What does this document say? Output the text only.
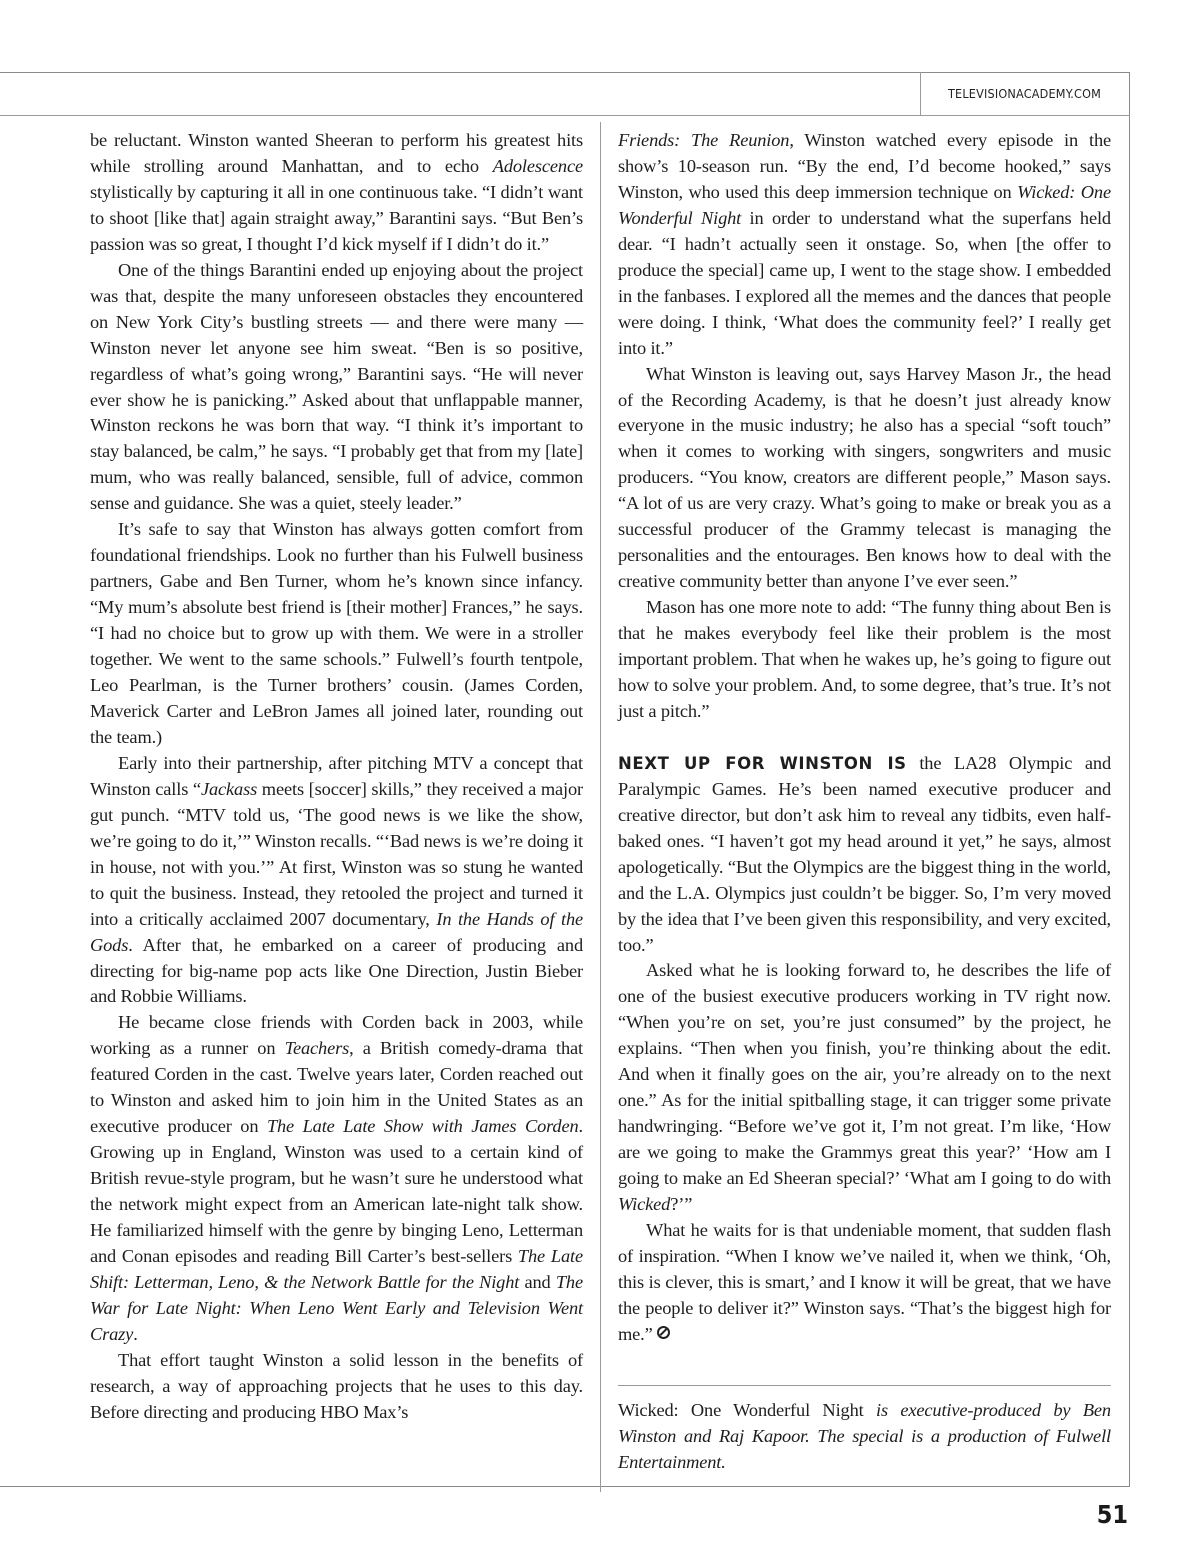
TELEVISIONACADEMY.COM

be reluctant. Winston wanted Sheeran to perform his greatest hits while strolling around Manhattan, and to echo Adolescence stylistically by capturing it all in one continuous take. “I didn’t want to shoot [like that] again straight away,” Barantini says. “But Ben’s passion was so great, I thought I’d kick myself if I didn’t do it.”

One of the things Barantini ended up enjoying about the project was that, despite the many unforeseen obstacles they encountered on New York City’s bustling streets — and there were many — Winston never let anyone see him sweat. “Ben is so positive, regardless of what’s going wrong,” Barantini says. “He will never ever show he is panicking.” Asked about that unflappable manner, Winston reckons he was born that way. “I think it’s important to stay balanced, be calm,” he says. “I probably get that from my [late] mum, who was really balanced, sensible, full of advice, common sense and guidance. She was a quiet, steely leader.”

It’s safe to say that Winston has always gotten comfort from foundational friendships. Look no further than his Fulwell business partners, Gabe and Ben Turner, whom he’s known since infancy. “My mum’s absolute best friend is [their mother] Frances,” he says. “I had no choice but to grow up with them. We were in a stroller together. We went to the same schools.” Fulwell’s fourth tentpole, Leo Pearlman, is the Turner brothers’ cousin. (James Corden, Maverick Carter and LeBron James all joined later, rounding out the team.)

Early into their partnership, after pitching MTV a concept that Winston calls “Jackass meets [soccer] skills,” they received a major gut punch. “MTV told us, ‘The good news is we like the show, we’re going to do it,’” Winston recalls. “‘Bad news is we’re doing it in house, not with you.’” At first, Winston was so stung he wanted to quit the business. Instead, they retooled the project and turned it into a critically acclaimed 2007 documentary, In the Hands of the Gods. After that, he embarked on a career of producing and directing for big-name pop acts like One Direction, Justin Bieber and Robbie Williams.

He became close friends with Corden back in 2003, while working as a runner on Teachers, a British comedy-drama that featured Corden in the cast. Twelve years later, Corden reached out to Winston and asked him to join him in the United States as an executive producer on The Late Late Show with James Corden. Growing up in England, Winston was used to a certain kind of British revue-style program, but he wasn’t sure he understood what the network might expect from an American late-night talk show. He familiarized himself with the genre by binging Leno, Letterman and Conan episodes and reading Bill Carter’s best-sellers The Late Shift: Letterman, Leno, & the Network Battle for the Night and The War for Late Night: When Leno Went Early and Television Went Crazy.

That effort taught Winston a solid lesson in the benefits of research, a way of approaching projects that he uses to this day. Before directing and producing HBO Max’s

Friends: The Reunion, Winston watched every episode in the show’s 10-season run. “By the end, I’d become hooked,” says Winston, who used this deep immersion technique on Wicked: One Wonderful Night in order to understand what the superfans held dear. “I hadn’t actually seen it onstage. So, when [the offer to produce the special] came up, I went to the stage show. I embedded in the fanbases. I explored all the memes and the dances that people were doing. I think, ‘What does the community feel?’ I really get into it.”

What Winston is leaving out, says Harvey Mason Jr., the head of the Recording Academy, is that he doesn’t just already know everyone in the music industry; he also has a special “soft touch” when it comes to working with singers, songwriters and music producers. “You know, creators are different people,” Mason says. “A lot of us are very crazy. What’s going to make or break you as a successful producer of the Grammy telecast is managing the personalities and the entourages. Ben knows how to deal with the creative community better than anyone I’ve ever seen.”

Mason has one more note to add: “The funny thing about Ben is that he makes everybody feel like their problem is the most important problem. That when he wakes up, he’s going to figure out how to solve your problem. And, to some degree, that’s true. It’s not just a pitch.”

NEXT UP FOR WINSTON IS the LA28 Olympic and Paralympic Games. He’s been named executive producer and creative director, but don’t ask him to reveal any tidbits, even half-baked ones. “I haven’t got my head around it yet,” he says, almost apologetically. “But the Olympics are the biggest thing in the world, and the L.A. Olympics just couldn’t be bigger. So, I’m very moved by the idea that I’ve been given this responsibility, and very excited, too.”

Asked what he is looking forward to, he describes the life of one of the busiest executive producers working in TV right now. “When you’re on set, you’re just consumed” by the project, he explains. “Then when you finish, you’re thinking about the edit. And when it finally goes on the air, you’re already on to the next one.” As for the initial spitballing stage, it can trigger some private handwringing. “Before we’ve got it, I’m not great. I’m like, ‘How are we going to make the Grammys great this year?’ ‘How am I going to make an Ed Sheeran special?’ ‘What am I going to do with Wicked?’”

What he waits for is that undeniable moment, that sudden flash of inspiration. “When I know we’ve nailed it, when we think, ‘Oh, this is clever, this is smart,’ and I know it will be great, that we have the people to deliver it?” Winston says. “That’s the biggest high for me.”

Wicked: One Wonderful Night is executive-produced by Ben Winston and Raj Kapoor. The special is a production of Fulwell Entertainment.
51
